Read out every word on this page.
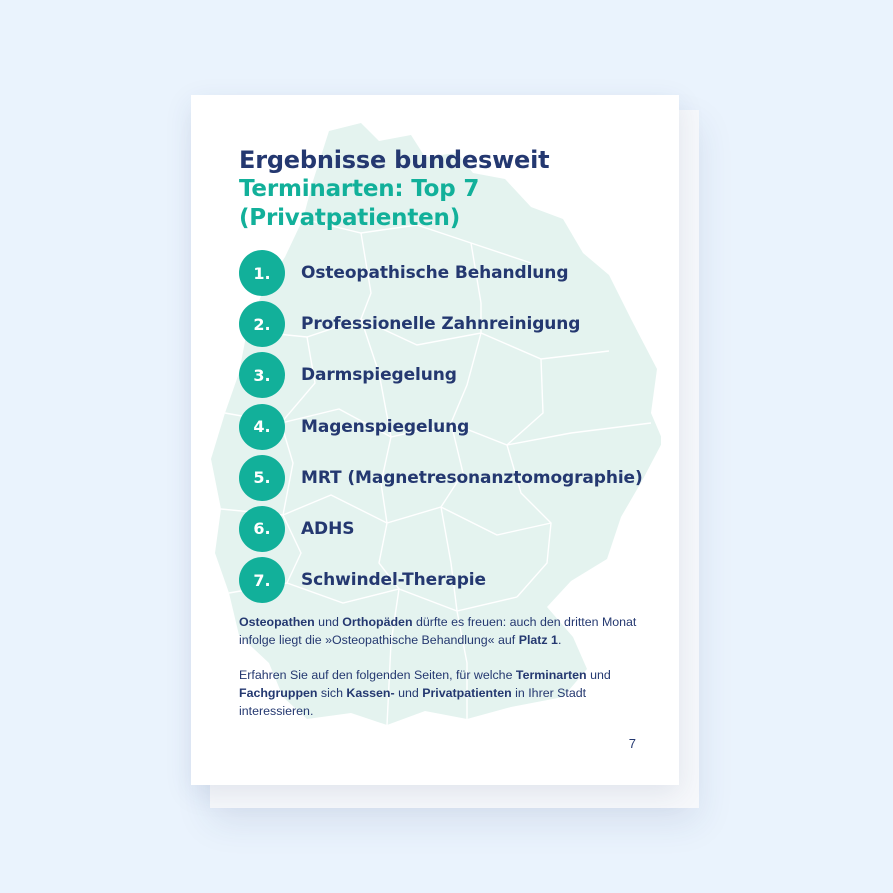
Ergebnisse bundesweit
Terminarten: Top 7
(Privatpatienten)
1.	Osteopathische Behandlung
2.	Professionelle Zahnreinigung
3.	Darmspiegelung
4.	Magenspiegelung
5.	MRT (Magnetresonanztomographie)
6.	ADHS
7.	Schwindel-Therapie

Osteopathen und Orthopäden dürfte es freuen: auch den dritten Monat infolge liegt die »Osteopathische Behandlung« auf Platz 1.

Erfahren Sie auf den folgenden Seiten, für welche Terminarten und Fachgruppen sich Kassen- und Privatpatienten in Ihrer Stadt interessieren.

7
